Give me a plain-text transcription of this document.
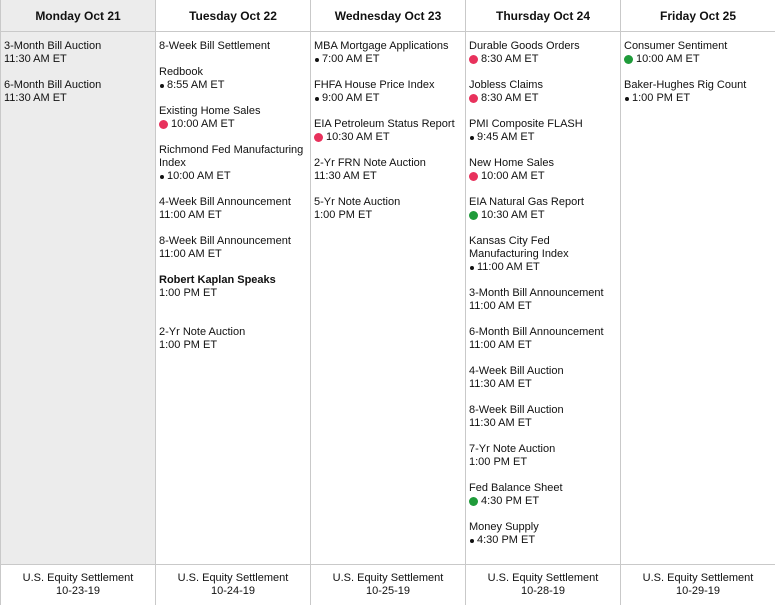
Monday Oct 21
3-Month Bill Auction
11:30 AM ET
6-Month Bill Auction
11:30 AM ET
U.S. Equity Settlement
10-23-19
Tuesday Oct 22
8-Week Bill Settlement
Redbook
8:55 AM ET
Existing Home Sales
10:00 AM ET
Richmond Fed Manufacturing Index
10:00 AM ET
4-Week Bill Announcement
11:00 AM ET
8-Week Bill Announcement
11:00 AM ET
Robert Kaplan Speaks
1:00 PM ET
2-Yr Note Auction
1:00 PM ET
U.S. Equity Settlement
10-24-19
Wednesday Oct 23
MBA Mortgage Applications
7:00 AM ET
FHFA House Price Index
9:00 AM ET
EIA Petroleum Status Report
10:30 AM ET
2-Yr FRN Note Auction
11:30 AM ET
5-Yr Note Auction
1:00 PM ET
U.S. Equity Settlement
10-25-19
Thursday Oct 24
Durable Goods Orders
8:30 AM ET
Jobless Claims
8:30 AM ET
PMI Composite FLASH
9:45 AM ET
New Home Sales
10:00 AM ET
EIA Natural Gas Report
10:30 AM ET
Kansas City Fed Manufacturing Index
11:00 AM ET
3-Month Bill Announcement
11:00 AM ET
6-Month Bill Announcement
11:00 AM ET
4-Week Bill Auction
11:30 AM ET
8-Week Bill Auction
11:30 AM ET
7-Yr Note Auction
1:00 PM ET
Fed Balance Sheet
4:30 PM ET
Money Supply
4:30 PM ET
U.S. Equity Settlement
10-28-19
Friday Oct 25
Consumer Sentiment
10:00 AM ET
Baker-Hughes Rig Count
1:00 PM ET
U.S. Equity Settlement
10-29-19
